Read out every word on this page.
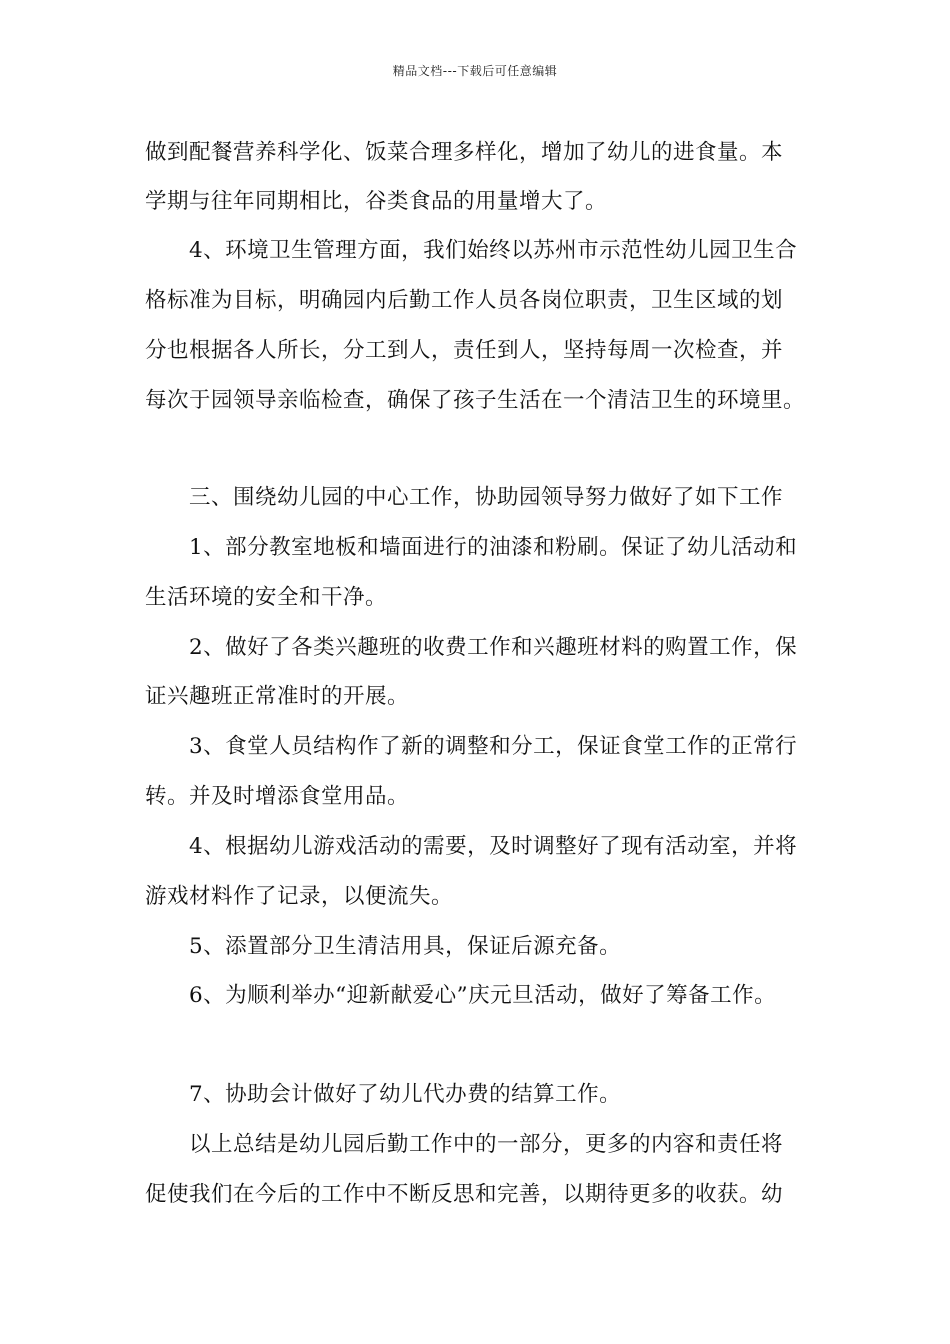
精品文档---下载后可任意编辑
做到配餐营养科学化、饭菜合理多样化，增加了幼儿的进食量。本
学期与往年同期相比，谷类食品的用量增大了。
　　4、环境卫生管理方面，我们始终以苏州市示范性幼儿园卫生合
格标准为目标，明确园内后勤工作人员各岗位职责，卫生区域的划
分也根据各人所长，分工到人，责任到人，坚持每周一次检查，并
每次于园领导亲临检查，确保了孩子生活在一个清洁卫生的环境里。
　　三、围绕幼儿园的中心工作，协助园领导努力做好了如下工作
　　1、部分教室地板和墙面进行的油漆和粉刷。保证了幼儿活动和
生活环境的安全和干净。
　　2、做好了各类兴趣班的收费工作和兴趣班材料的购置工作，保
证兴趣班正常准时的开展。
　　3、食堂人员结构作了新的调整和分工，保证食堂工作的正常行
转。并及时增添食堂用品。
　　4、根据幼儿游戏活动的需要，及时调整好了现有活动室，并将
游戏材料作了记录，以便流失。
　　5、添置部分卫生清洁用具，保证后源充备。
　　6、为顺利举办“迎新献爱心”庆元旦活动，做好了筹备工作。
　　7、协助会计做好了幼儿代办费的结算工作。
　　以上总结是幼儿园后勤工作中的一部分，更多的内容和责任将
促使我们在今后的工作中不断反思和完善，以期待更多的收获。幼
